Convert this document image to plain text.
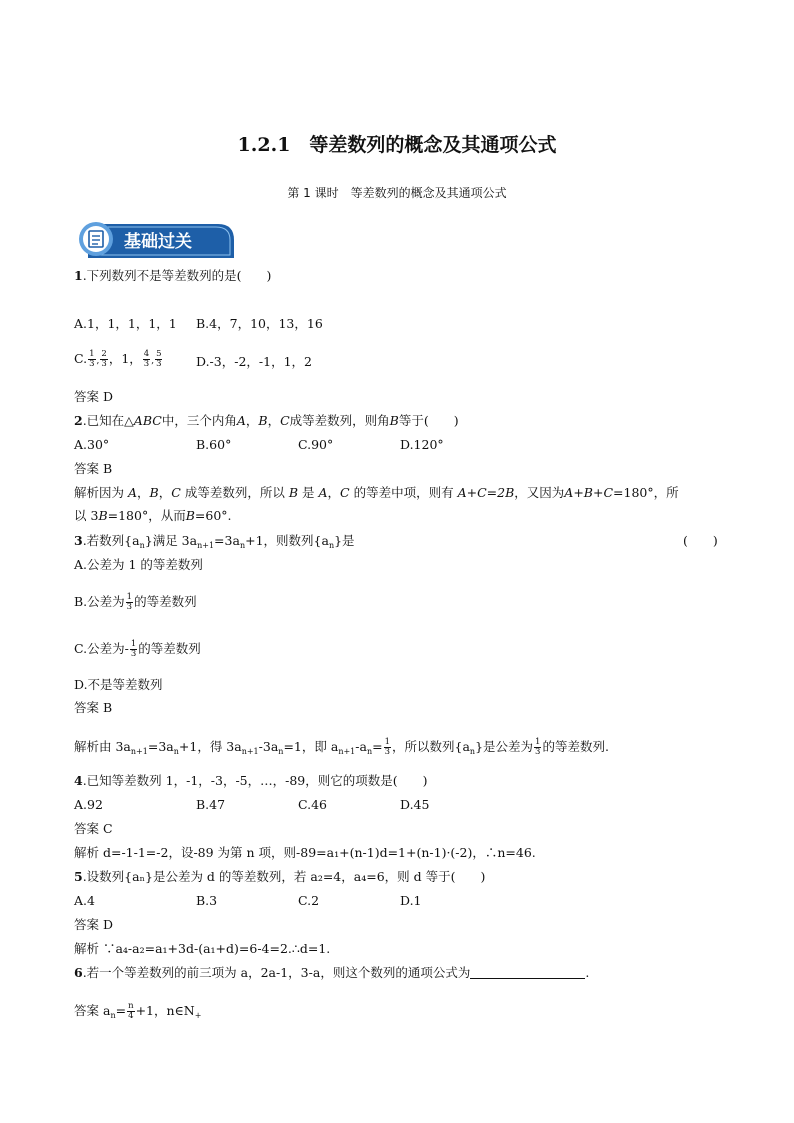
1.2.1　等差数列的概念及其通项公式
第 1 课时　等差数列的概念及其通项公式
基础过关
1.下列数列不是等差数列的是(　　)
A.1，1，1，1，1 B.4，7，10，13，16
C. $\frac{1}{3}$ , $\frac{2}{3}$ ，1， $\frac{4}{3}$ , $\frac{5}{3}$	D.-3，-2，-1，1，2
答案 D
2.已知在△ABC中，三个内角A，B，C成等差数列，则角B等于(　　)
A.30°	B.60°	C.90°	D.120°
答案 B
解析因为 A，B，C 成等差数列，所以 B 是 A，C 的等差中项，则有 A+C=2B，又因为A+B+C=180°，所
以 3B=180°，从而B=60°.
3.若数列$\{a_n\}$满足 $3a_{n+1}=3a_n+1$，则数列$\{a_n\}$是	(　　)
A.公差为 1 的等差数列
B.公差为 $\frac{1}{3}$ 的等差数列
C.公差为- $\frac{1}{3}$ 的等差数列
D.不是等差数列
答案 B
解析由 $3a_{n+1}=3a_n+1$，得 $3a_{n+1}-3a_n=1$，即 $a_{n+1}-a_n= \frac{1}{3}$ ，所以数列$\{a_n\}$是公差为 $\frac{1}{3}$ 的等差数列.
4.已知等差数列 1，-1，-3，-5，…，-89，则它的项数是(　　)
A.92	B.47	C.46	D.45
答案 C
解析 d=-1-1=-2，设-89 为第 n 项，则-89=a₁+(n-1)d=1+(n-1)·(-2)，∴n=46.
5.设数列{aₙ}是公差为 d 的等差数列，若 a₂=4，a₄=6，则 d 等于(　　)
A.4	B.3	C.2	D.1
答案 D
解析 ∵a₄-a₂=a₁+3d-(a₁+d)=6-4=2.∴d=1.
6.若一个等差数列的前三项为 a，2a-1，3-a，则这个数列的通项公式为	.
答案 $a_n= \frac{n}{4} +1$，$n\in N_+$
